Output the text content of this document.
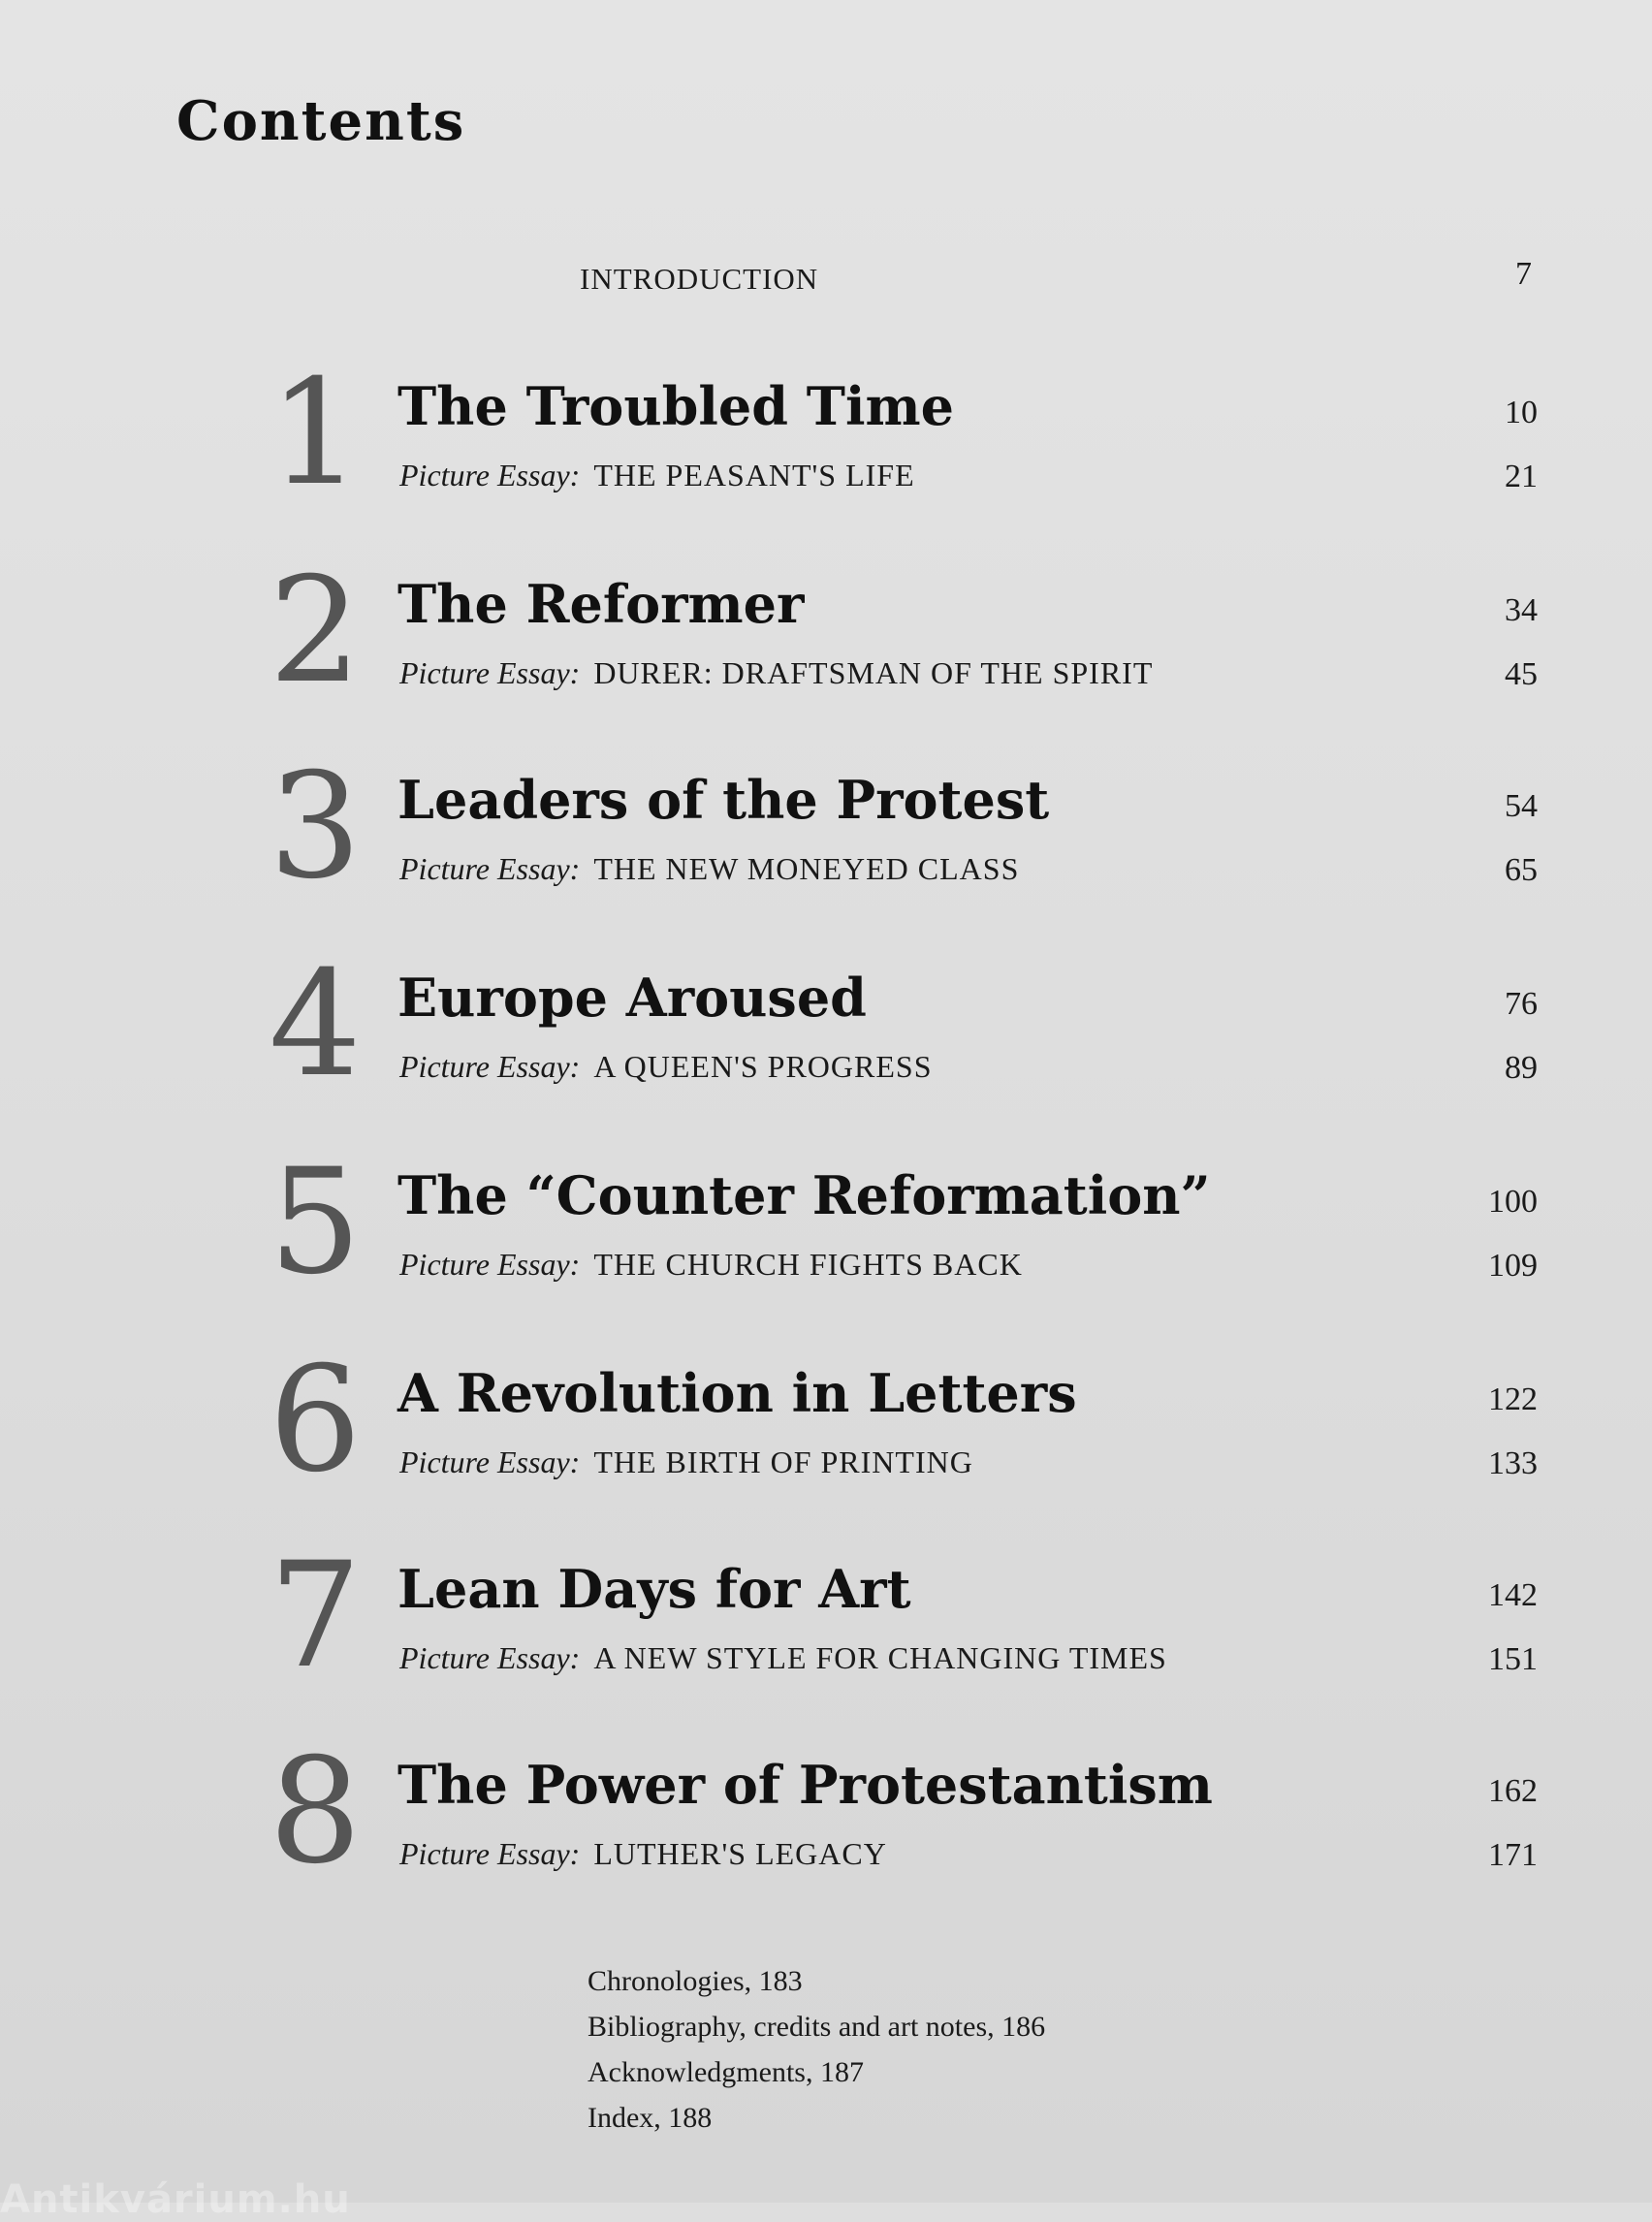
Contents
INTRODUCTION	7
1 The Troubled Time	10
Picture Essay: THE PEASANT'S LIFE	21
2 The Reformer	34
Picture Essay: DURER: DRAFTSMAN OF THE SPIRIT	45
3 Leaders of the Protest	54
Picture Essay: THE NEW MONEYED CLASS	65
4 Europe Aroused	76
Picture Essay: A QUEEN'S PROGRESS	89
5 The “Counter Reformation”	100
Picture Essay: THE CHURCH FIGHTS BACK	109
6 A Revolution in Letters	122
Picture Essay: THE BIRTH OF PRINTING	133
7 Lean Days for Art	142
Picture Essay: A NEW STYLE FOR CHANGING TIMES	151
8 The Power of Protestantism	162
Picture Essay: LUTHER'S LEGACY	171
Chronologies, 183
Bibliography, credits and art notes, 186
Acknowledgments, 187
Index, 188
Antikvárium.hu
